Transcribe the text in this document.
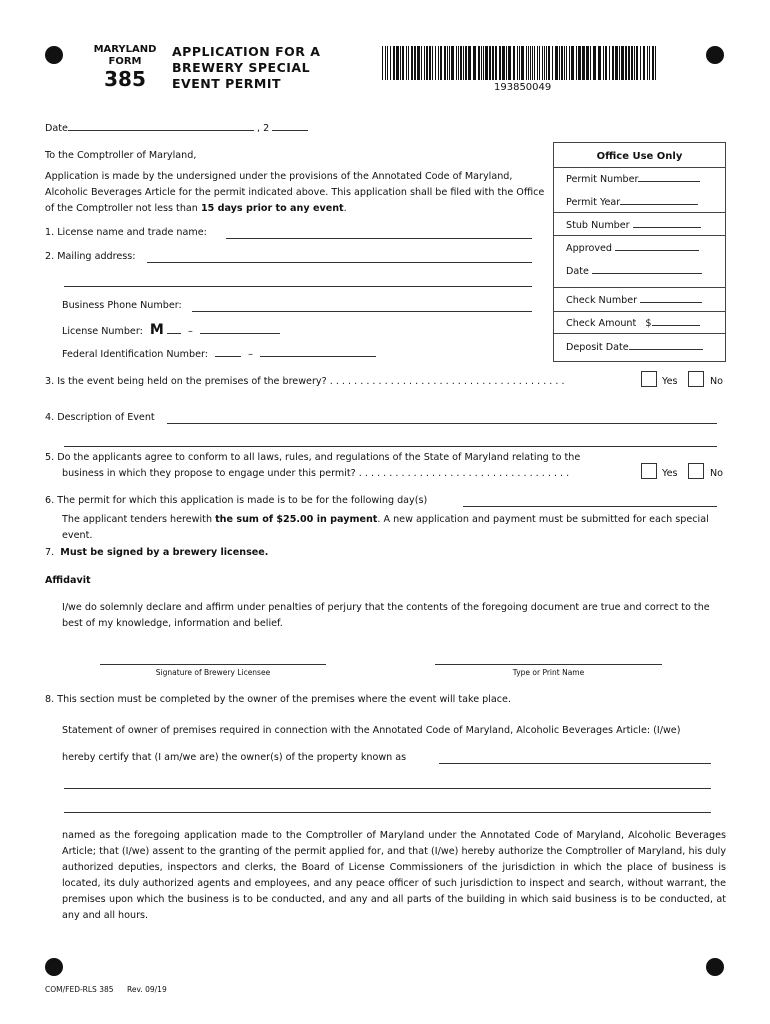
MARYLAND
FORM
385
APPLICATION FOR A
BREWERY SPECIAL
EVENT PERMIT	193850049
Date	, 2
To the Comptroller of Maryland,
Application is made by the undersigned under the provisions of the Annotated Code of Maryland, Alcoholic Beverages Article for the permit indicated above. This application shall be filed with the Office of the Comptroller not less than 15 days prior to any event.
1. License name and trade name:
2. Mailing address:
Business Phone Number:
License Number: M	–
Federal Identification Number:	–
Office Use Only
Permit Number
Permit Year
Stub Number
Approved
Date
Check Number
Check Amount $
Deposit Date
3. Is the event being held on the premises of the brewery? . . . . . . . . . . . . . . . . . . . . . . . . . . . . . . . . . . . . . . .	Yes	No
4. Description of Event
5. Do the applicants agree to conform to all laws, rules, and regulations of the State of Maryland relating to the
business in which they propose to engage under this permit? . . . . . . . . . . . . . . . . . . . . . . . . . . . . . . . . . . .	Yes	No
6. The permit for which this application is made is to be for the following day(s)
The applicant tenders herewith the sum of $25.00 in payment. A new application and payment must be submitted for each special event.
7. Must be signed by a brewery licensee.
Affidavit
I/we do solemnly declare and affirm under penalties of perjury that the contents of the foregoing document are true and correct to the best of my knowledge, information and belief.
Signature of Brewery Licensee	Type or Print Name
8. This section must be completed by the owner of the premises where the event will take place.
Statement of owner of premises required in connection with the Annotated Code of Maryland, Alcoholic Beverages Article: (I/we)
hereby certify that (I am/we are) the owner(s) of the property known as
named as the foregoing application made to the Comptroller of Maryland under the Annotated Code of Maryland, Alcoholic Beverages Article; that (I/we) assent to the granting of the permit applied for, and that (I/we) hereby authorize the Comptroller of Maryland, his duly authorized deputies, inspectors and clerks, the Board of License Commissioners of the jurisdiction in which the place of business is located, its duly authorized agents and employees, and any peace officer of such jurisdiction to inspect and search, without warrant, the premises upon which the business is to be conducted, and any and all parts of the building in which said business is to be conducted, at any and all hours.
COM/FED-RLS 385 Rev. 09/19
